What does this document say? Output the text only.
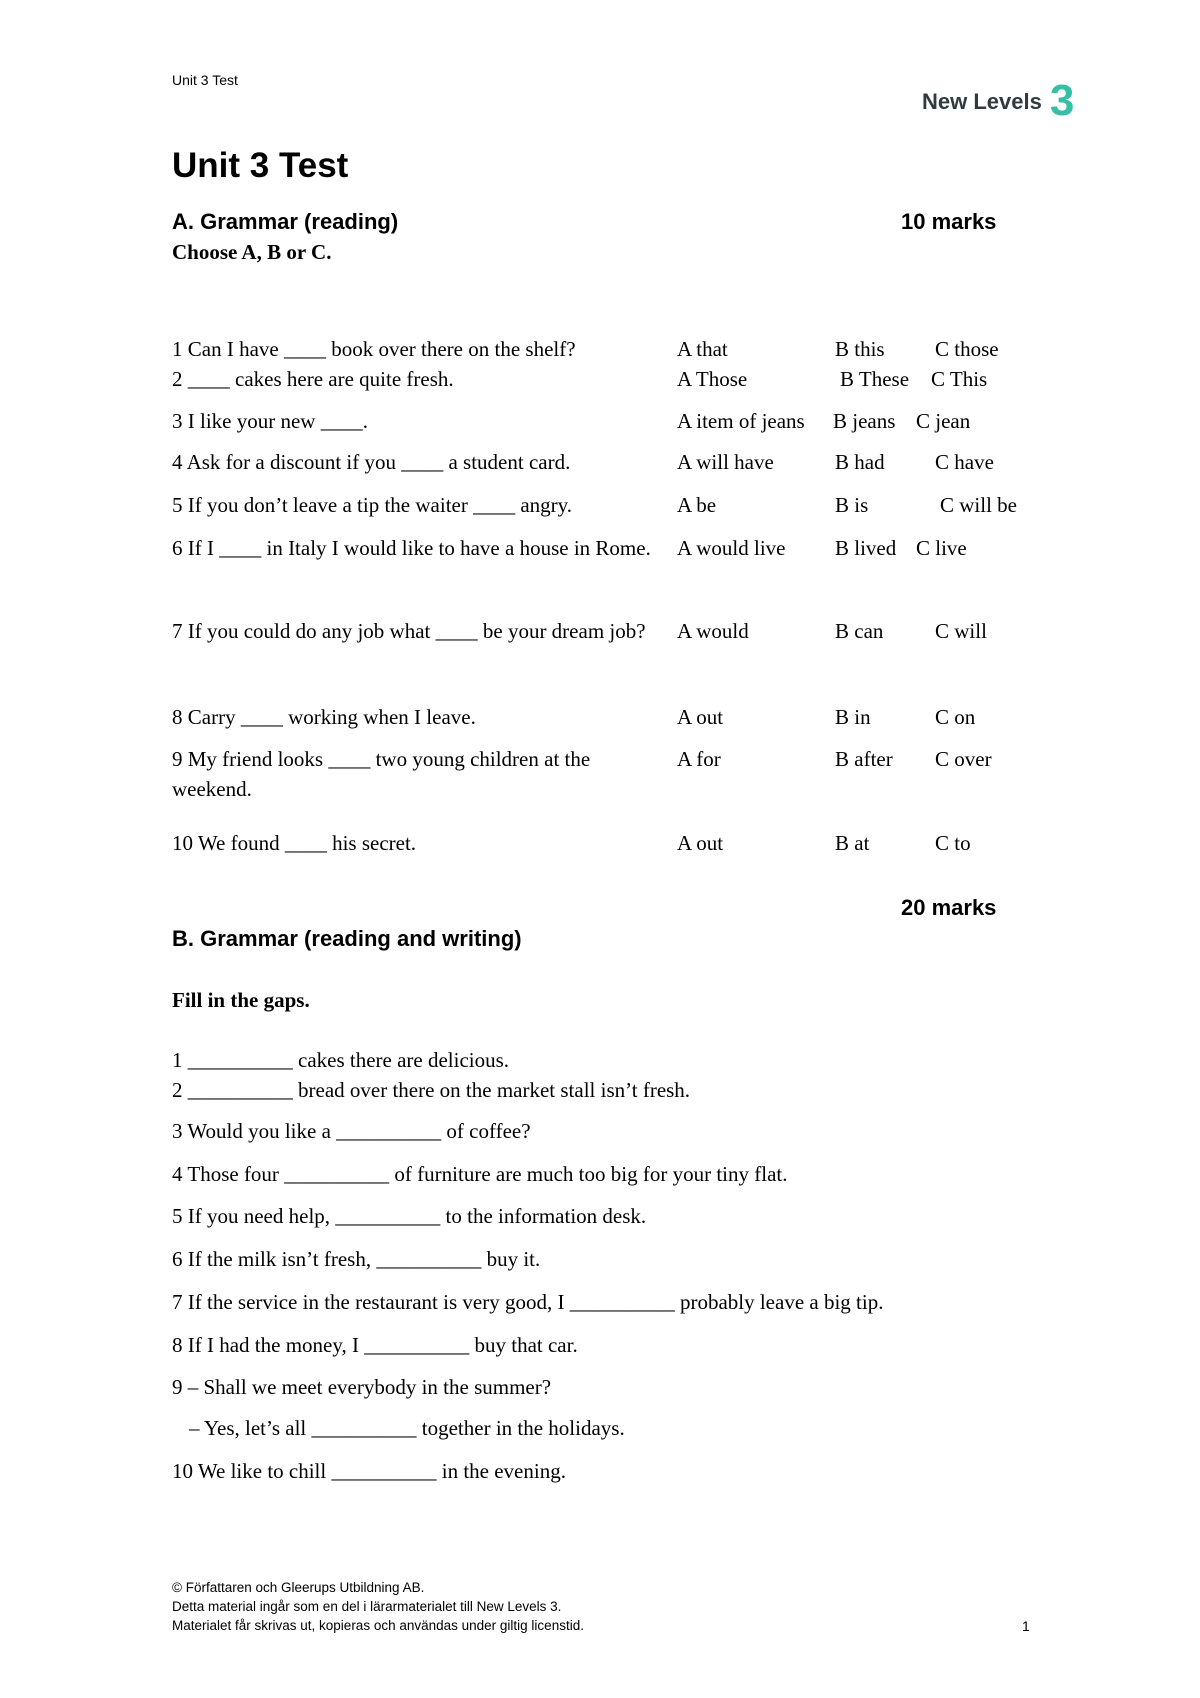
Unit 3 Test
New Levels 3
Unit 3 Test
A. Grammar (reading)	10 marks
Choose A, B or C.
1 Can I have ____ book over there on the shelf?	A that	B this C those
2 ____ cakes here are quite fresh.	A Those	B These C This
3 I like your new ____.	A item of jeans B jeans C jean
4 Ask for a discount if you ____ a student card.	A will have	B had C have
5 If you don’t leave a tip the waiter ____ angry.	A be	B is	C will be
6 If I ____ in Italy I would like to have a house in Rome. A would live B lived C live
7 If you could do any job what ____ be your dream job?	A would	B can C will
8 Carry ____ working when I leave.	A out	B in	C on
9 My friend looks ____ two young children at the weekend.
A for	B after C over
10 We found ____ his secret.	A out	B at	C to
20 marks
B. Grammar (reading and writing)
Fill in the gaps.
1 __________ cakes there are delicious.
2 __________ bread over there on the market stall isn’t fresh.
3 Would you like a __________ of coffee?
4 Those four __________ of furniture are much too big for your tiny flat.
5 If you need help, __________ to the information desk.
6 If the milk isn’t fresh, __________ buy it.
7 If the service in the restaurant is very good, I __________ probably leave a big tip.
8 If I had the money, I __________ buy that car.
9 – Shall we meet everybody in the summer?
– Yes, let’s all __________ together in the holidays.
10 We like to chill __________ in the evening.
© Författaren och Gleerups Utbildning AB.
Detta material ingår som en del i lärarmaterialet till New Levels 3.
Materialet får skrivas ut, kopieras och användas under giltig licenstid.	1
